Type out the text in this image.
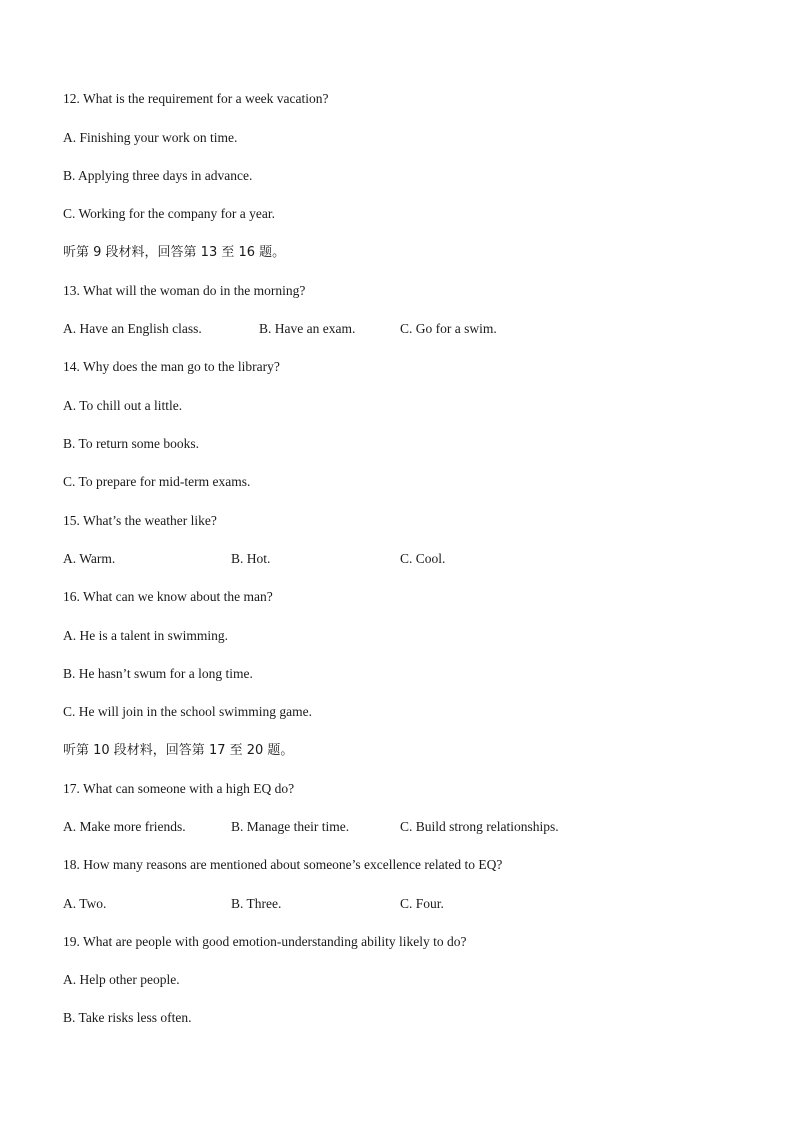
12. What is the requirement for a week vacation?
A. Finishing your work on time.
B. Applying three days in advance.
C. Working for the company for a year.
听第 9 段材料，回答第 13 至 16 题。
13. What will the woman do in the morning?
A. Have an English class.	B. Have an exam.	C. Go for a swim.
14. Why does the man go to the library?
A. To chill out a little.
B. To return some books.
C. To prepare for mid-term exams.
15. What’s the weather like?
A. Warm.	B. Hot.	C. Cool.
16. What can we know about the man?
A. He is a talent in swimming.
B. He hasn’t swum for a long time.
C. He will join in the school swimming game.
听第 10 段材料，回答第 17 至 20 题。
17. What can someone with a high EQ do?
A. Make more friends.	B. Manage their time.	C. Build strong relationships.
18. How many reasons are mentioned about someone’s excellence related to EQ?
A. Two.	B. Three.	C. Four.
19. What are people with good emotion-understanding ability likely to do?
A. Help other people.
B. Take risks less often.
